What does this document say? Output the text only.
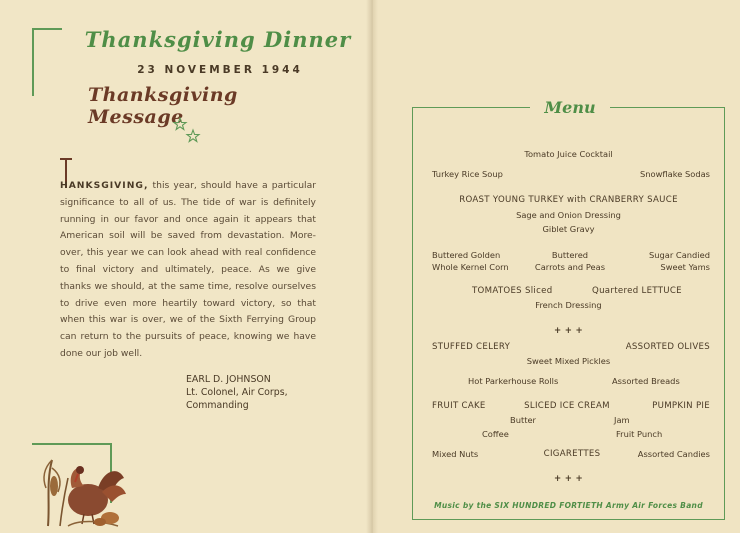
Thanksgiving Message
HANKSGIVING, this year, should have a particular significance to all of us. The tide of war is definitely running in our favor and once again it appears that American soil will be saved from devastation. More-over, this year we can look ahead with real confidence to final victory and ultimately, peace. As we give thanks we should, at the same time, resolve ourselves to drive even more heartily toward victory, so that when this war is over, we of the Sixth Ferrying Group can return to the pursuits of peace, knowing we have done our job well.
EARL D. JOHNSON
Lt. Colonel, Air Corps,
Commanding
Thanksgiving Dinner
23 NOVEMBER 1944
Menu
Tomato Juice Cocktail
Turkey Rice Soup	Snowflake Sodas
ROAST YOUNG TURKEY with CRANBERRY SAUCE
Sage and Onion Dressing
Giblet Gravy
Buttered Golden
Whole Kernel Corn
Buttered
Carrots and Peas
Sugar Candied
Sweet Yams
TOMATOES Sliced	Quartered LETTUCE
French Dressing
+ + +
STUFFED CELERY	ASSORTED OLIVES
Sweet Mixed Pickles
Hot Parkerhouse Rolls	Assorted Breads
FRUIT CAKE	SLICED ICE CREAM	PUMPKIN PIE
Butter	Jam
Coffee	Fruit Punch
Mixed Nuts	CIGARETTES	Assorted Candies
+ + +
Music by the SIX HUNDRED FORTIETH Army Air Forces Band
